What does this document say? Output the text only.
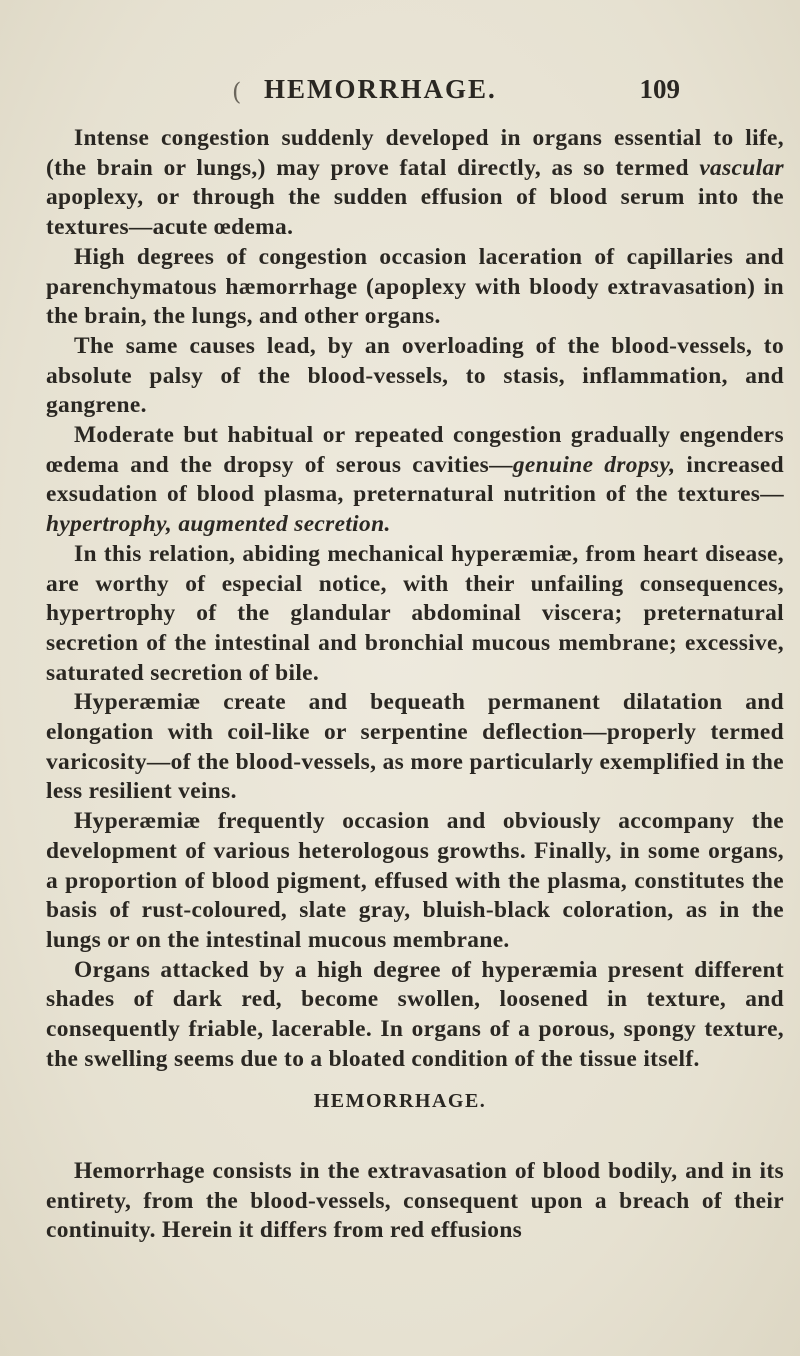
( HEMORRHAGE.	109

Intense congestion suddenly developed in organs essential to life, (the brain or lungs,) may prove fatal directly, as so termed vascular apoplexy, or through the sudden effusion of blood serum into the textures—acute œdema.

High degrees of congestion occasion laceration of capillaries and parenchymatous hæmorrhage (apoplexy with bloody extravasation) in the brain, the lungs, and other organs.

The same causes lead, by an overloading of the blood-vessels, to absolute palsy of the blood-vessels, to stasis, inflammation, and gangrene.

Moderate but habitual or repeated congestion gradually engenders œdema and the dropsy of serous cavities—genuine dropsy, increased exsudation of blood plasma, preternatural nutrition of the textures—hypertrophy, augmented secretion.

In this relation, abiding mechanical hyperæmiæ, from heart disease, are worthy of especial notice, with their unfailing consequences, hypertrophy of the glandular abdominal viscera; preternatural secretion of the intestinal and bronchial mucous membrane; excessive, saturated secretion of bile.

Hyperæmiæ create and bequeath permanent dilatation and elongation with coil-like or serpentine deflection—properly termed varicosity—of the blood-vessels, as more particularly exemplified in the less resilient veins.

Hyperæmiæ frequently occasion and obviously accompany the development of various heterologous growths. Finally, in some organs, a proportion of blood pigment, effused with the plasma, constitutes the basis of rust-coloured, slate gray, bluish-black coloration, as in the lungs or on the intestinal mucous membrane.

Organs attacked by a high degree of hyperæmia present different shades of dark red, become swollen, loosened in texture, and consequently friable, lacerable. In organs of a porous, spongy texture, the swelling seems due to a bloated condition of the tissue itself.

HEMORRHAGE.

Hemorrhage consists in the extravasation of blood bodily, and in its entirety, from the blood-vessels, consequent upon a breach of their continuity. Herein it differs from red effusions
